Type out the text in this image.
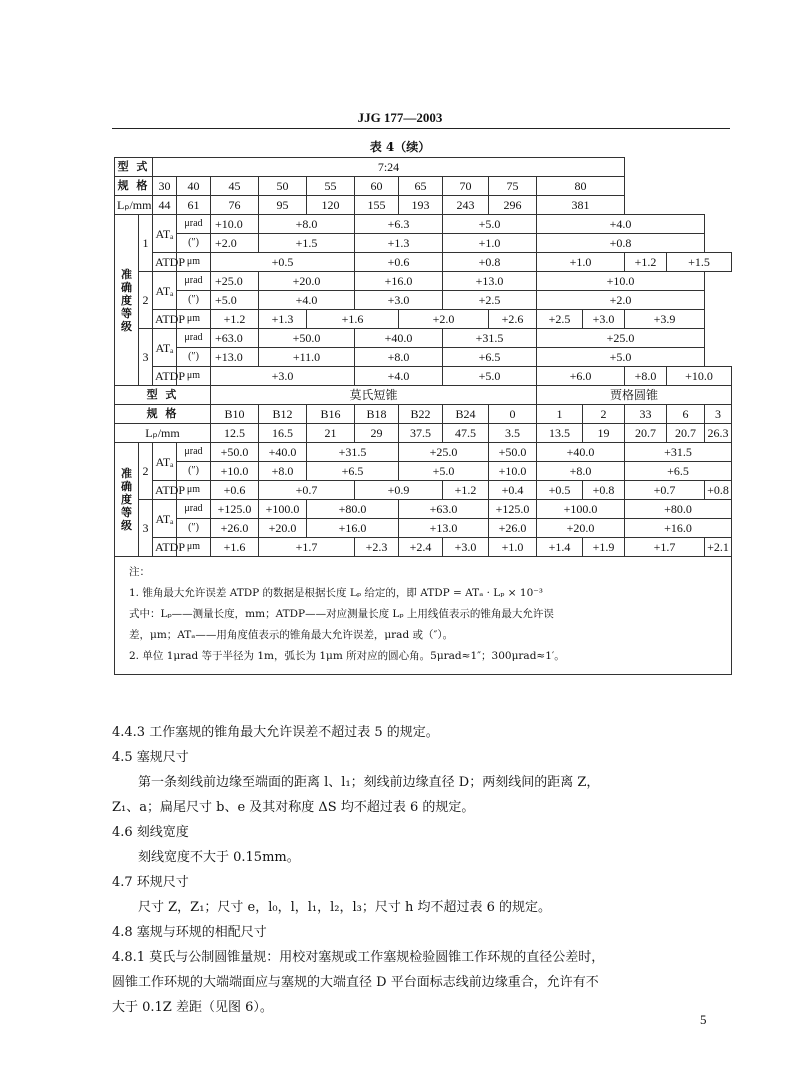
JJG 177—2003
表 4（续）
型 式		7:24													
规 格		30	40	45	50	55	60	65	70	75	80				
Lₚ/mm		44	61	76	95	120	155	193	243	296	381				
准确度等级	1	ATₐ	μrad	+10.0	+8.0		+6.3		+5.0		+4.0				
			(″)	+2.0	+1.5		+1.3		+1.0		+0.8				
		ATDP	μm	+0.5			+0.6		+0.8		+1.0		+1.2	+1.5	
	2	ATₐ	μrad	+25.0	+20.0		+16.0		+13.0		+10.0				
			(″)	+5.0	+4.0		+3.0		+2.5		+2.0				
		ATDP	μm	+1.2	+1.3	+1.6		+2.0		+2.6	+2.5	+3.0	+3.9		
	3	ATₐ	μrad	+63.0	+50.0		+40.0		+31.5		+25.0				
			(″)	+13.0	+11.0		+8.0		+6.5		+5.0				
		ATDP	μm	+3.0			+4.0		+5.0		+6.0		+8.0	+10.0	
型 式				莫氏短锥							贾格圆锥				
规 格				B10	B12	B16	B18	B22	B24	0	1	2	33	6	3
Lₚ/mm				12.5	16.5	21	29	37.5	47.5	3.5	13.5	19	20.7	20.7	26.3
准确度等级	2	ATₐ	μrad	+50.0	+40.0	+31.5		+25.0		+50.0	+40.0		+31.5		
			(″)	+10.0	+8.0	+6.5		+5.0		+10.0	+8.0		+6.5		
		ATDP	μm	+0.6	+0.7		+0.9		+1.2	+0.4	+0.5	+0.8	+0.7		+0.8
	3	ATₐ	μrad	+125.0	+100.0	+80.0		+63.0		+125.0	+100.0		+80.0		
			(″)	+26.0	+20.0	+16.0		+13.0		+26.0	+20.0		+16.0		
		ATDP	μm	+1.6	+1.7		+2.3	+2.4	+3.0	+1.0	+1.4	+1.9	+1.7		+2.1

注：
1. 锥角最大允许误差 ATDP 的数据是根据长度 Lₚ 给定的，即 ATDP = ATₐ · Lₚ × 10⁻³
式中：Lₚ——测量长度，mm；ATDP——对应测量长度 Lₚ 上用线值表示的锥角最大允许误
差，μm；ATₐ——用角度值表示的锥角最大允许误差，μrad 或（″）。
2. 单位 1μrad 等于半径为 1m，弧长为 1μm 所对应的圆心角。5μrad≈1″；300μrad≈1′。															

4.4.3 工作塞规的锥角最大允许误差不超过表 5 的规定。

4.5 塞规尺寸

第一条刻线前边缘至端面的距离 l、l₁；刻线前边缘直径 D；两刻线间的距离 Z，

Z₁、a；扁尾尺寸 b、e 及其对称度 ΔS 均不超过表 6 的规定。

4.6 刻线宽度

刻线宽度不大于 0.15mm。

4.7 环规尺寸

尺寸 Z，Z₁；尺寸 e，l₀，l，l₁，l₂，l₃；尺寸 h 均不超过表 6 的规定。

4.8 塞规与环规的相配尺寸

4.8.1 莫氏与公制圆锥量规：用校对塞规或工作塞规检验圆锥工作环规的直径公差时，

圆锥工作环规的大端端面应与塞规的大端直径 D 平台面标志线前边缘重合，允许有不

大于 0.1Z 差距（见图 6）。

5
